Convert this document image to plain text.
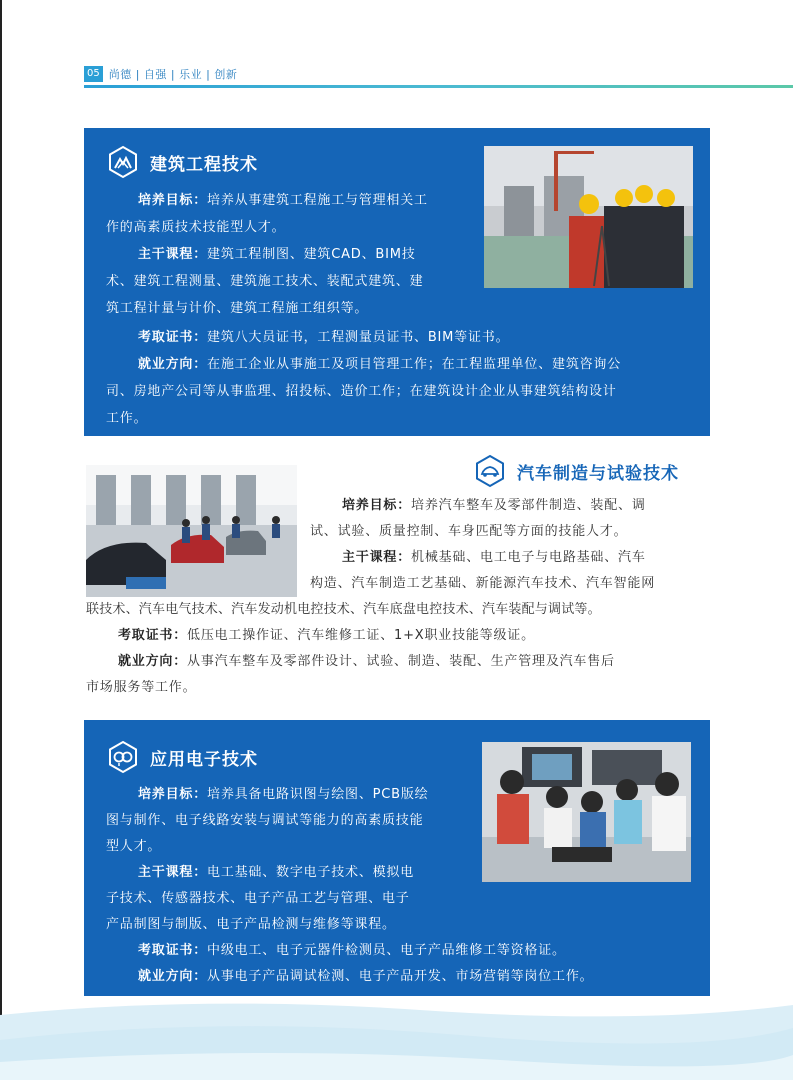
05 尚德 | 自强 | 乐业 | 创新
建筑工程技术
培养目标：培养从事建筑工程施工与管理相关工
作的高素质技术技能型人才。
主干课程：建筑工程制图、建筑CAD、BIM技
术、建筑工程测量、建筑施工技术、装配式建筑、建
筑工程计量与计价、建筑工程施工组织等。
考取证书：建筑八大员证书，工程测量员证书、BIM等证书。
就业方向：在施工企业从事施工及项目管理工作；在工程监理单位、建筑咨询公
司、房地产公司等从事监理、招投标、造价工作；在建筑设计企业从事建筑结构设计
工作。
汽车制造与试验技术
培养目标：培养汽车整车及零部件制造、装配、调
试、试验、质量控制、车身匹配等方面的技能人才。
主干课程：机械基础、电工电子与电路基础、汽车
构造、汽车制造工艺基础、新能源汽车技术、汽车智能网
联技术、汽车电气技术、汽车发动机电控技术、汽车底盘电控技术、汽车装配与调试等。
考取证书：低压电工操作证、汽车维修工证、1+X职业技能等级证。
就业方向：从事汽车整车及零部件设计、试验、制造、装配、生产管理及汽车售后
市场服务等工作。
应用电子技术
培养目标：培养具备电路识图与绘图、PCB版绘
图与制作、电子线路安装与调试等能力的高素质技能
型人才。
主干课程：电工基础、数字电子技术、模拟电
子技术、传感器技术、电子产品工艺与管理、电子
产品制图与制版、电子产品检测与维修等课程。
考取证书：中级电工、电子元器件检测员、电子产品维修工等资格证。
就业方向：从事电子产品调试检测、电子产品开发、市场营销等岗位工作。
